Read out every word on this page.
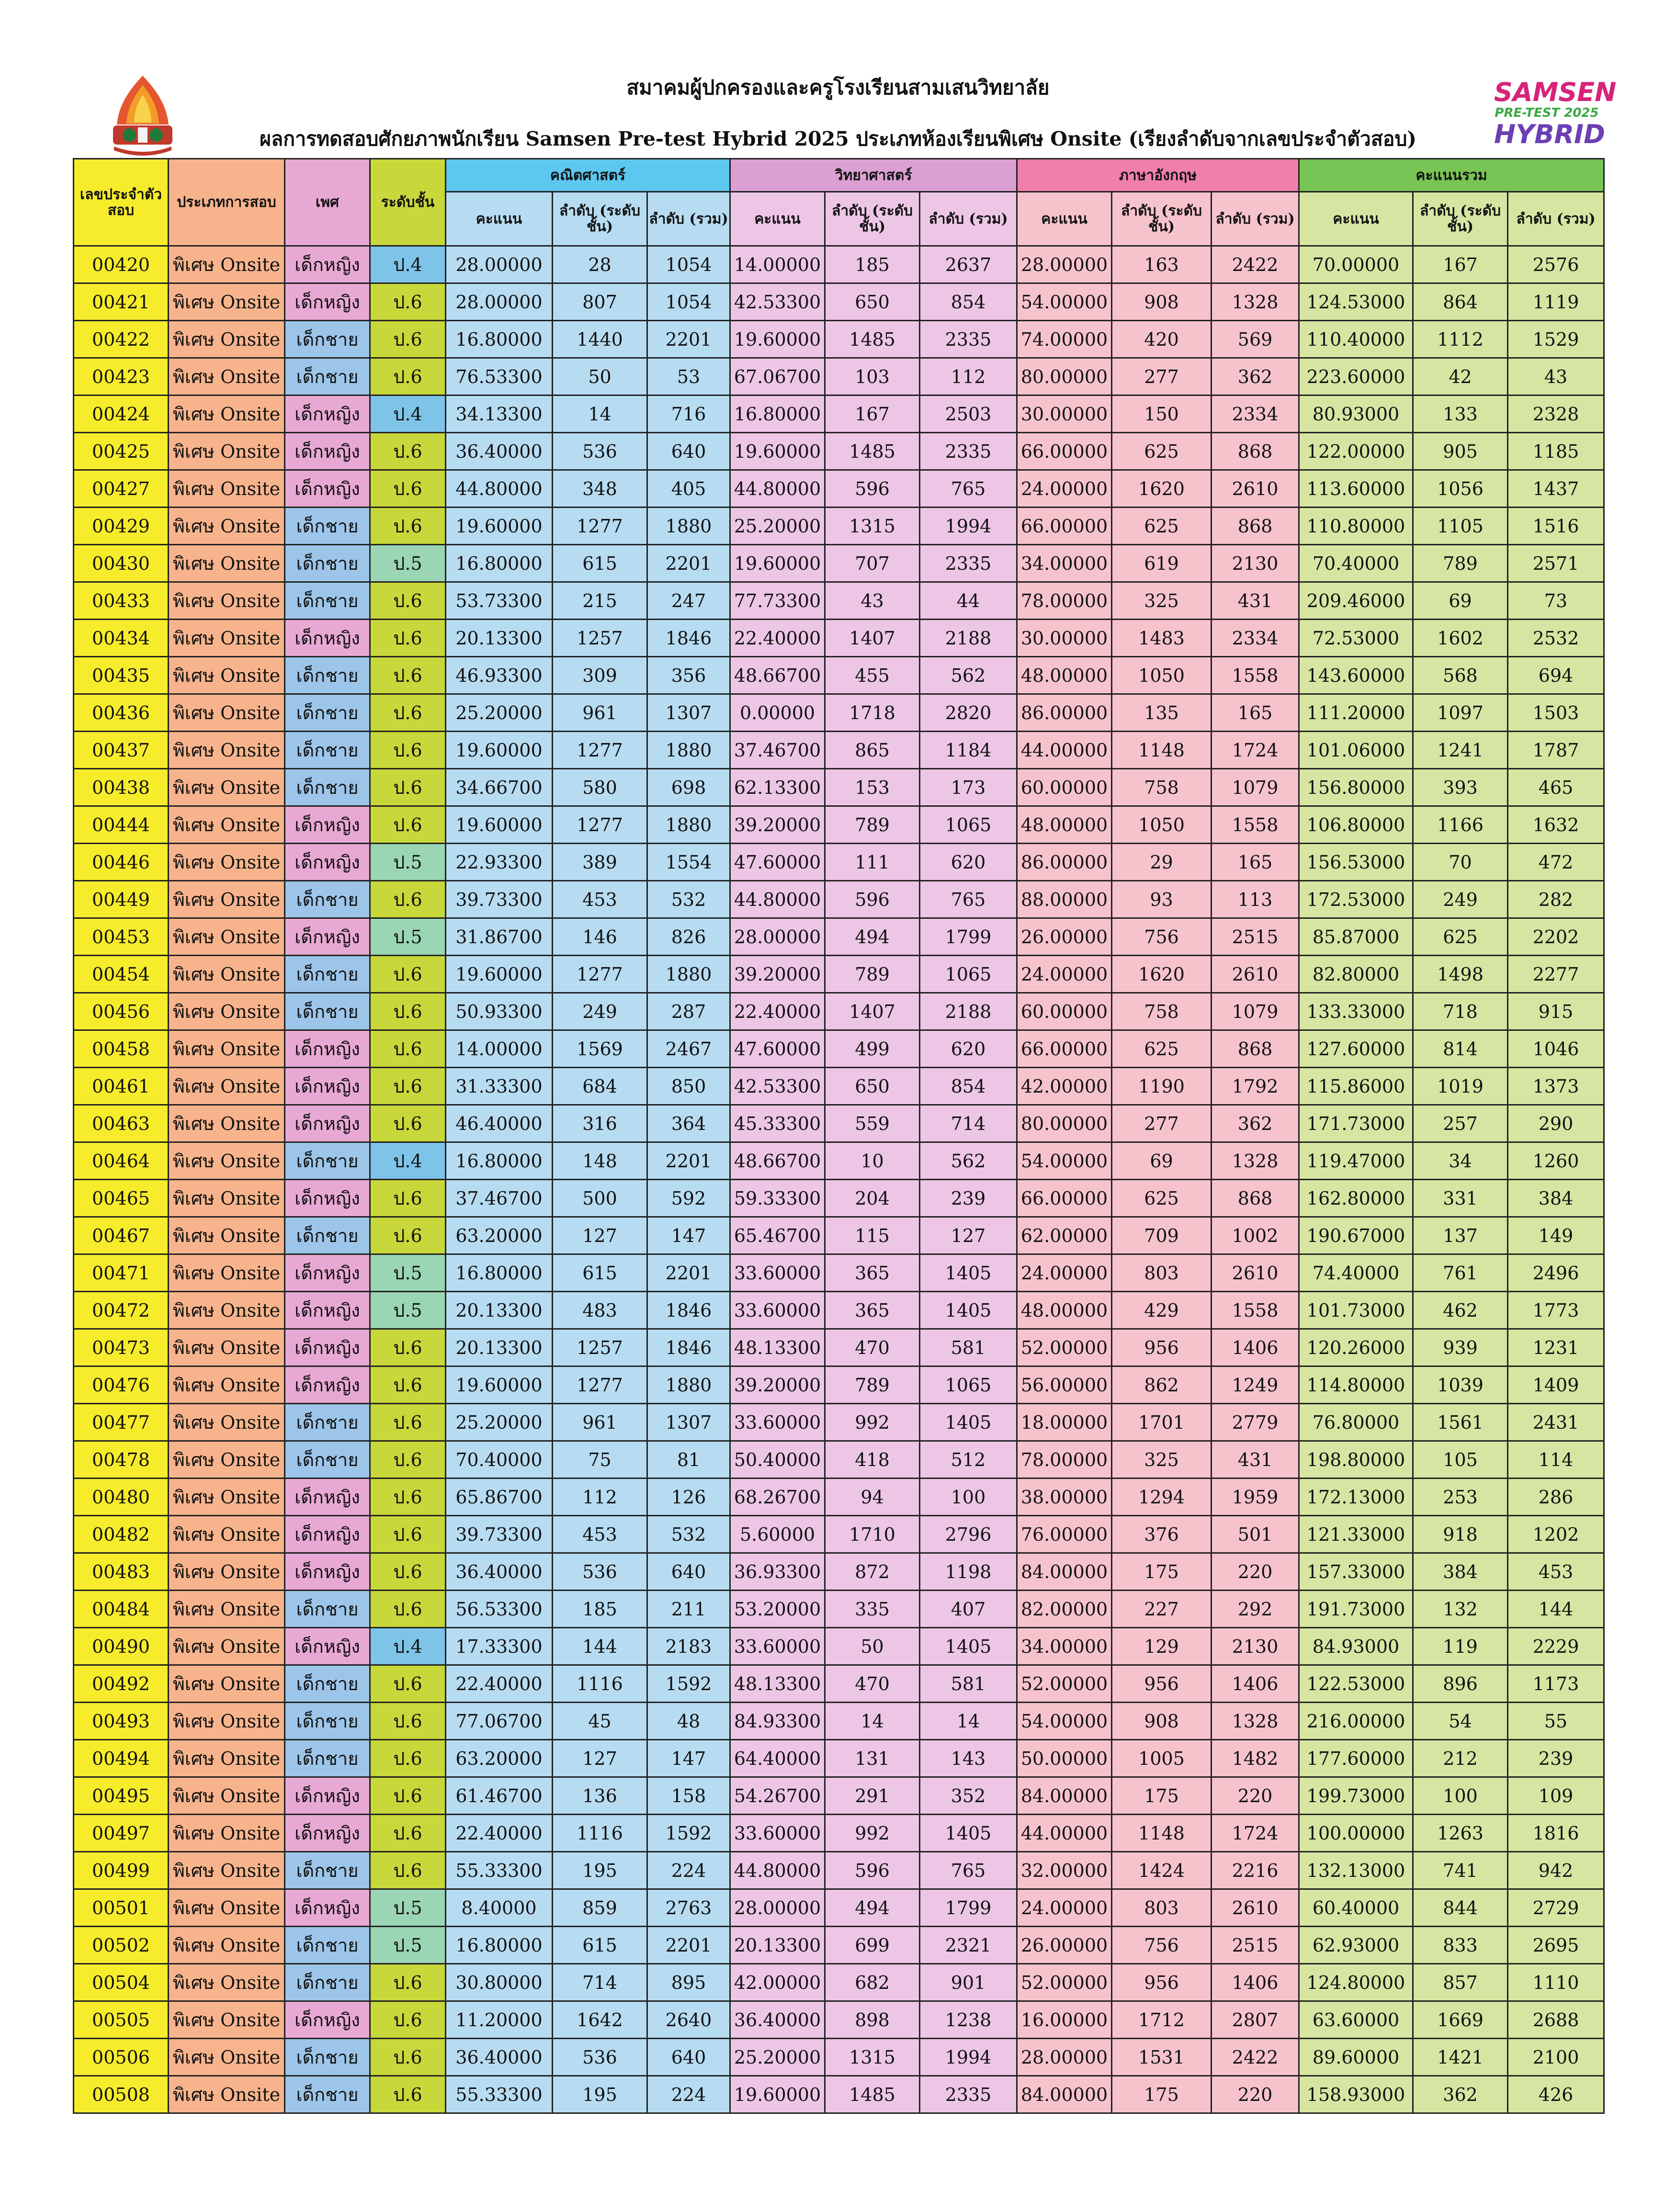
สมาคมผู้ปกครองและครูโรงเรียนสามเสนวิทยาลัย
ผลการทดสอบศักยภาพนักเรียน Samsen Pre-test Hybrid 2025 ประเภทห้องเรียนพิเศษ Onsite (เรียงลำดับจากเลขประจำตัวสอบ)
SAMSEN
PRE-TEST 2025
HYBRID
เลขประจำตัวสอบ	ประเภทการสอบ	เพศ	ระดับชั้น	คณิตศาสตร์			วิทยาศาสตร์			ภาษาอังกฤษ			คะแนนรวม		
				คะแนน	ลำดับ (ระดับชั้น)	ลำดับ (รวม)	คะแนน	ลำดับ (ระดับชั้น)	ลำดับ (รวม)	คะแนน	ลำดับ (ระดับชั้น)	ลำดับ (รวม)	คะแนน	ลำดับ (ระดับชั้น)	ลำดับ (รวม)
00420	พิเศษ Onsite	เด็กหญิง	ป.4	28.00000	28	1054	14.00000	185	2637	28.00000	163	2422	70.00000	167	2576
00421	พิเศษ Onsite	เด็กหญิง	ป.6	28.00000	807	1054	42.53300	650	854	54.00000	908	1328	124.53000	864	1119
00422	พิเศษ Onsite	เด็กชาย	ป.6	16.80000	1440	2201	19.60000	1485	2335	74.00000	420	569	110.40000	1112	1529
00423	พิเศษ Onsite	เด็กชาย	ป.6	76.53300	50	53	67.06700	103	112	80.00000	277	362	223.60000	42	43
00424	พิเศษ Onsite	เด็กหญิง	ป.4	34.13300	14	716	16.80000	167	2503	30.00000	150	2334	80.93000	133	2328
00425	พิเศษ Onsite	เด็กหญิง	ป.6	36.40000	536	640	19.60000	1485	2335	66.00000	625	868	122.00000	905	1185
00427	พิเศษ Onsite	เด็กหญิง	ป.6	44.80000	348	405	44.80000	596	765	24.00000	1620	2610	113.60000	1056	1437
00429	พิเศษ Onsite	เด็กชาย	ป.6	19.60000	1277	1880	25.20000	1315	1994	66.00000	625	868	110.80000	1105	1516
00430	พิเศษ Onsite	เด็กชาย	ป.5	16.80000	615	2201	19.60000	707	2335	34.00000	619	2130	70.40000	789	2571
00433	พิเศษ Onsite	เด็กชาย	ป.6	53.73300	215	247	77.73300	43	44	78.00000	325	431	209.46000	69	73
00434	พิเศษ Onsite	เด็กหญิง	ป.6	20.13300	1257	1846	22.40000	1407	2188	30.00000	1483	2334	72.53000	1602	2532
00435	พิเศษ Onsite	เด็กชาย	ป.6	46.93300	309	356	48.66700	455	562	48.00000	1050	1558	143.60000	568	694
00436	พิเศษ Onsite	เด็กชาย	ป.6	25.20000	961	1307	0.00000	1718	2820	86.00000	135	165	111.20000	1097	1503
00437	พิเศษ Onsite	เด็กชาย	ป.6	19.60000	1277	1880	37.46700	865	1184	44.00000	1148	1724	101.06000	1241	1787
00438	พิเศษ Onsite	เด็กชาย	ป.6	34.66700	580	698	62.13300	153	173	60.00000	758	1079	156.80000	393	465
00444	พิเศษ Onsite	เด็กหญิง	ป.6	19.60000	1277	1880	39.20000	789	1065	48.00000	1050	1558	106.80000	1166	1632
00446	พิเศษ Onsite	เด็กหญิง	ป.5	22.93300	389	1554	47.60000	111	620	86.00000	29	165	156.53000	70	472
00449	พิเศษ Onsite	เด็กชาย	ป.6	39.73300	453	532	44.80000	596	765	88.00000	93	113	172.53000	249	282
00453	พิเศษ Onsite	เด็กหญิง	ป.5	31.86700	146	826	28.00000	494	1799	26.00000	756	2515	85.87000	625	2202
00454	พิเศษ Onsite	เด็กชาย	ป.6	19.60000	1277	1880	39.20000	789	1065	24.00000	1620	2610	82.80000	1498	2277
00456	พิเศษ Onsite	เด็กชาย	ป.6	50.93300	249	287	22.40000	1407	2188	60.00000	758	1079	133.33000	718	915
00458	พิเศษ Onsite	เด็กหญิง	ป.6	14.00000	1569	2467	47.60000	499	620	66.00000	625	868	127.60000	814	1046
00461	พิเศษ Onsite	เด็กหญิง	ป.6	31.33300	684	850	42.53300	650	854	42.00000	1190	1792	115.86000	1019	1373
00463	พิเศษ Onsite	เด็กหญิง	ป.6	46.40000	316	364	45.33300	559	714	80.00000	277	362	171.73000	257	290
00464	พิเศษ Onsite	เด็กชาย	ป.4	16.80000	148	2201	48.66700	10	562	54.00000	69	1328	119.47000	34	1260
00465	พิเศษ Onsite	เด็กหญิง	ป.6	37.46700	500	592	59.33300	204	239	66.00000	625	868	162.80000	331	384
00467	พิเศษ Onsite	เด็กชาย	ป.6	63.20000	127	147	65.46700	115	127	62.00000	709	1002	190.67000	137	149
00471	พิเศษ Onsite	เด็กหญิง	ป.5	16.80000	615	2201	33.60000	365	1405	24.00000	803	2610	74.40000	761	2496
00472	พิเศษ Onsite	เด็กหญิง	ป.5	20.13300	483	1846	33.60000	365	1405	48.00000	429	1558	101.73000	462	1773
00473	พิเศษ Onsite	เด็กหญิง	ป.6	20.13300	1257	1846	48.13300	470	581	52.00000	956	1406	120.26000	939	1231
00476	พิเศษ Onsite	เด็กหญิง	ป.6	19.60000	1277	1880	39.20000	789	1065	56.00000	862	1249	114.80000	1039	1409
00477	พิเศษ Onsite	เด็กชาย	ป.6	25.20000	961	1307	33.60000	992	1405	18.00000	1701	2779	76.80000	1561	2431
00478	พิเศษ Onsite	เด็กชาย	ป.6	70.40000	75	81	50.40000	418	512	78.00000	325	431	198.80000	105	114
00480	พิเศษ Onsite	เด็กหญิง	ป.6	65.86700	112	126	68.26700	94	100	38.00000	1294	1959	172.13000	253	286
00482	พิเศษ Onsite	เด็กหญิง	ป.6	39.73300	453	532	5.60000	1710	2796	76.00000	376	501	121.33000	918	1202
00483	พิเศษ Onsite	เด็กหญิง	ป.6	36.40000	536	640	36.93300	872	1198	84.00000	175	220	157.33000	384	453
00484	พิเศษ Onsite	เด็กชาย	ป.6	56.53300	185	211	53.20000	335	407	82.00000	227	292	191.73000	132	144
00490	พิเศษ Onsite	เด็กหญิง	ป.4	17.33300	144	2183	33.60000	50	1405	34.00000	129	2130	84.93000	119	2229
00492	พิเศษ Onsite	เด็กชาย	ป.6	22.40000	1116	1592	48.13300	470	581	52.00000	956	1406	122.53000	896	1173
00493	พิเศษ Onsite	เด็กชาย	ป.6	77.06700	45	48	84.93300	14	14	54.00000	908	1328	216.00000	54	55
00494	พิเศษ Onsite	เด็กชาย	ป.6	63.20000	127	147	64.40000	131	143	50.00000	1005	1482	177.60000	212	239
00495	พิเศษ Onsite	เด็กหญิง	ป.6	61.46700	136	158	54.26700	291	352	84.00000	175	220	199.73000	100	109
00497	พิเศษ Onsite	เด็กหญิง	ป.6	22.40000	1116	1592	33.60000	992	1405	44.00000	1148	1724	100.00000	1263	1816
00499	พิเศษ Onsite	เด็กชาย	ป.6	55.33300	195	224	44.80000	596	765	32.00000	1424	2216	132.13000	741	942
00501	พิเศษ Onsite	เด็กหญิง	ป.5	8.40000	859	2763	28.00000	494	1799	24.00000	803	2610	60.40000	844	2729
00502	พิเศษ Onsite	เด็กชาย	ป.5	16.80000	615	2201	20.13300	699	2321	26.00000	756	2515	62.93000	833	2695
00504	พิเศษ Onsite	เด็กชาย	ป.6	30.80000	714	895	42.00000	682	901	52.00000	956	1406	124.80000	857	1110
00505	พิเศษ Onsite	เด็กหญิง	ป.6	11.20000	1642	2640	36.40000	898	1238	16.00000	1712	2807	63.60000	1669	2688
00506	พิเศษ Onsite	เด็กชาย	ป.6	36.40000	536	640	25.20000	1315	1994	28.00000	1531	2422	89.60000	1421	2100
00508	พิเศษ Onsite	เด็กชาย	ป.6	55.33300	195	224	19.60000	1485	2335	84.00000	175	220	158.93000	362	426
